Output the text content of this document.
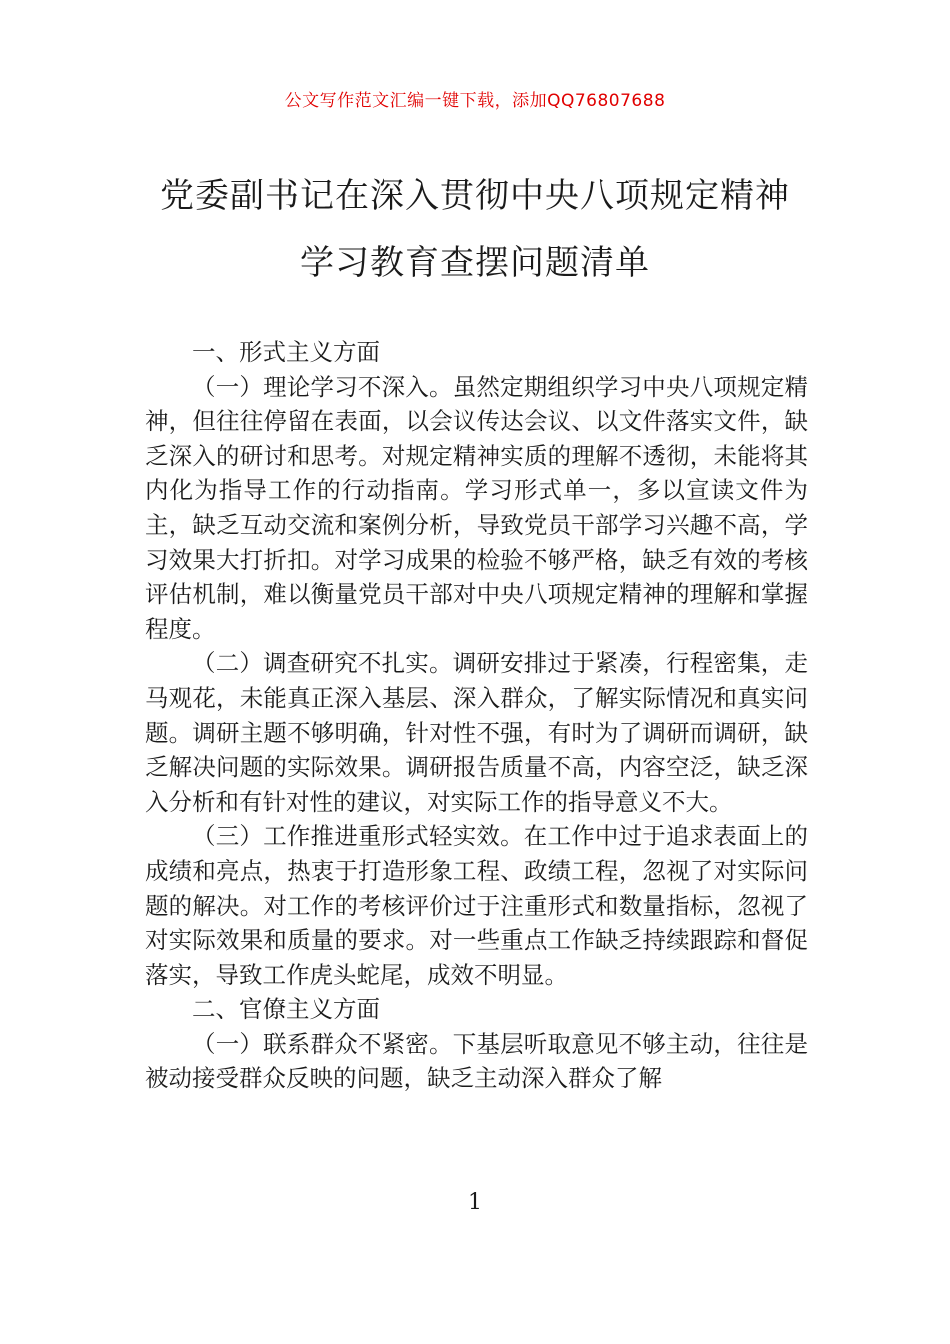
公文写作范文汇编一键下载，添加QQ76807688
党委副书记在深入贯彻中央八项规定精神
学习教育查摆问题清单

一、形式主义方面

（一）理论学习不深入。虽然定期组织学习中央八项规定精神，但往往停留在表面，以会议传达会议、以文件落实文件，缺乏深入的研讨和思考。对规定精神实质的理解不透彻，未能将其内化为指导工作的行动指南。学习形式单一，多以宣读文件为主，缺乏互动交流和案例分析，导致党员干部学习兴趣不高，学习效果大打折扣。对学习成果的检验不够严格，缺乏有效的考核评估机制，难以衡量党员干部对中央八项规定精神的理解和掌握程度。

（二）调查研究不扎实。调研安排过于紧凑，行程密集，走马观花，未能真正深入基层、深入群众，了解实际情况和真实问题。调研主题不够明确，针对性不强，有时为了调研而调研，缺乏解决问题的实际效果。调研报告质量不高，内容空泛，缺乏深入分析和有针对性的建议，对实际工作的指导意义不大。

（三）工作推进重形式轻实效。在工作中过于追求表面上的成绩和亮点，热衷于打造形象工程、政绩工程，忽视了对实际问题的解决。对工作的考核评价过于注重形式和数量指标，忽视了对实际效果和质量的要求。对一些重点工作缺乏持续跟踪和督促落实，导致工作虎头蛇尾，成效不明显。

二、官僚主义方面

（一）联系群众不紧密。下基层听取意见不够主动，往往是被动接受群众反映的问题，缺乏主动深入群众了解

1
